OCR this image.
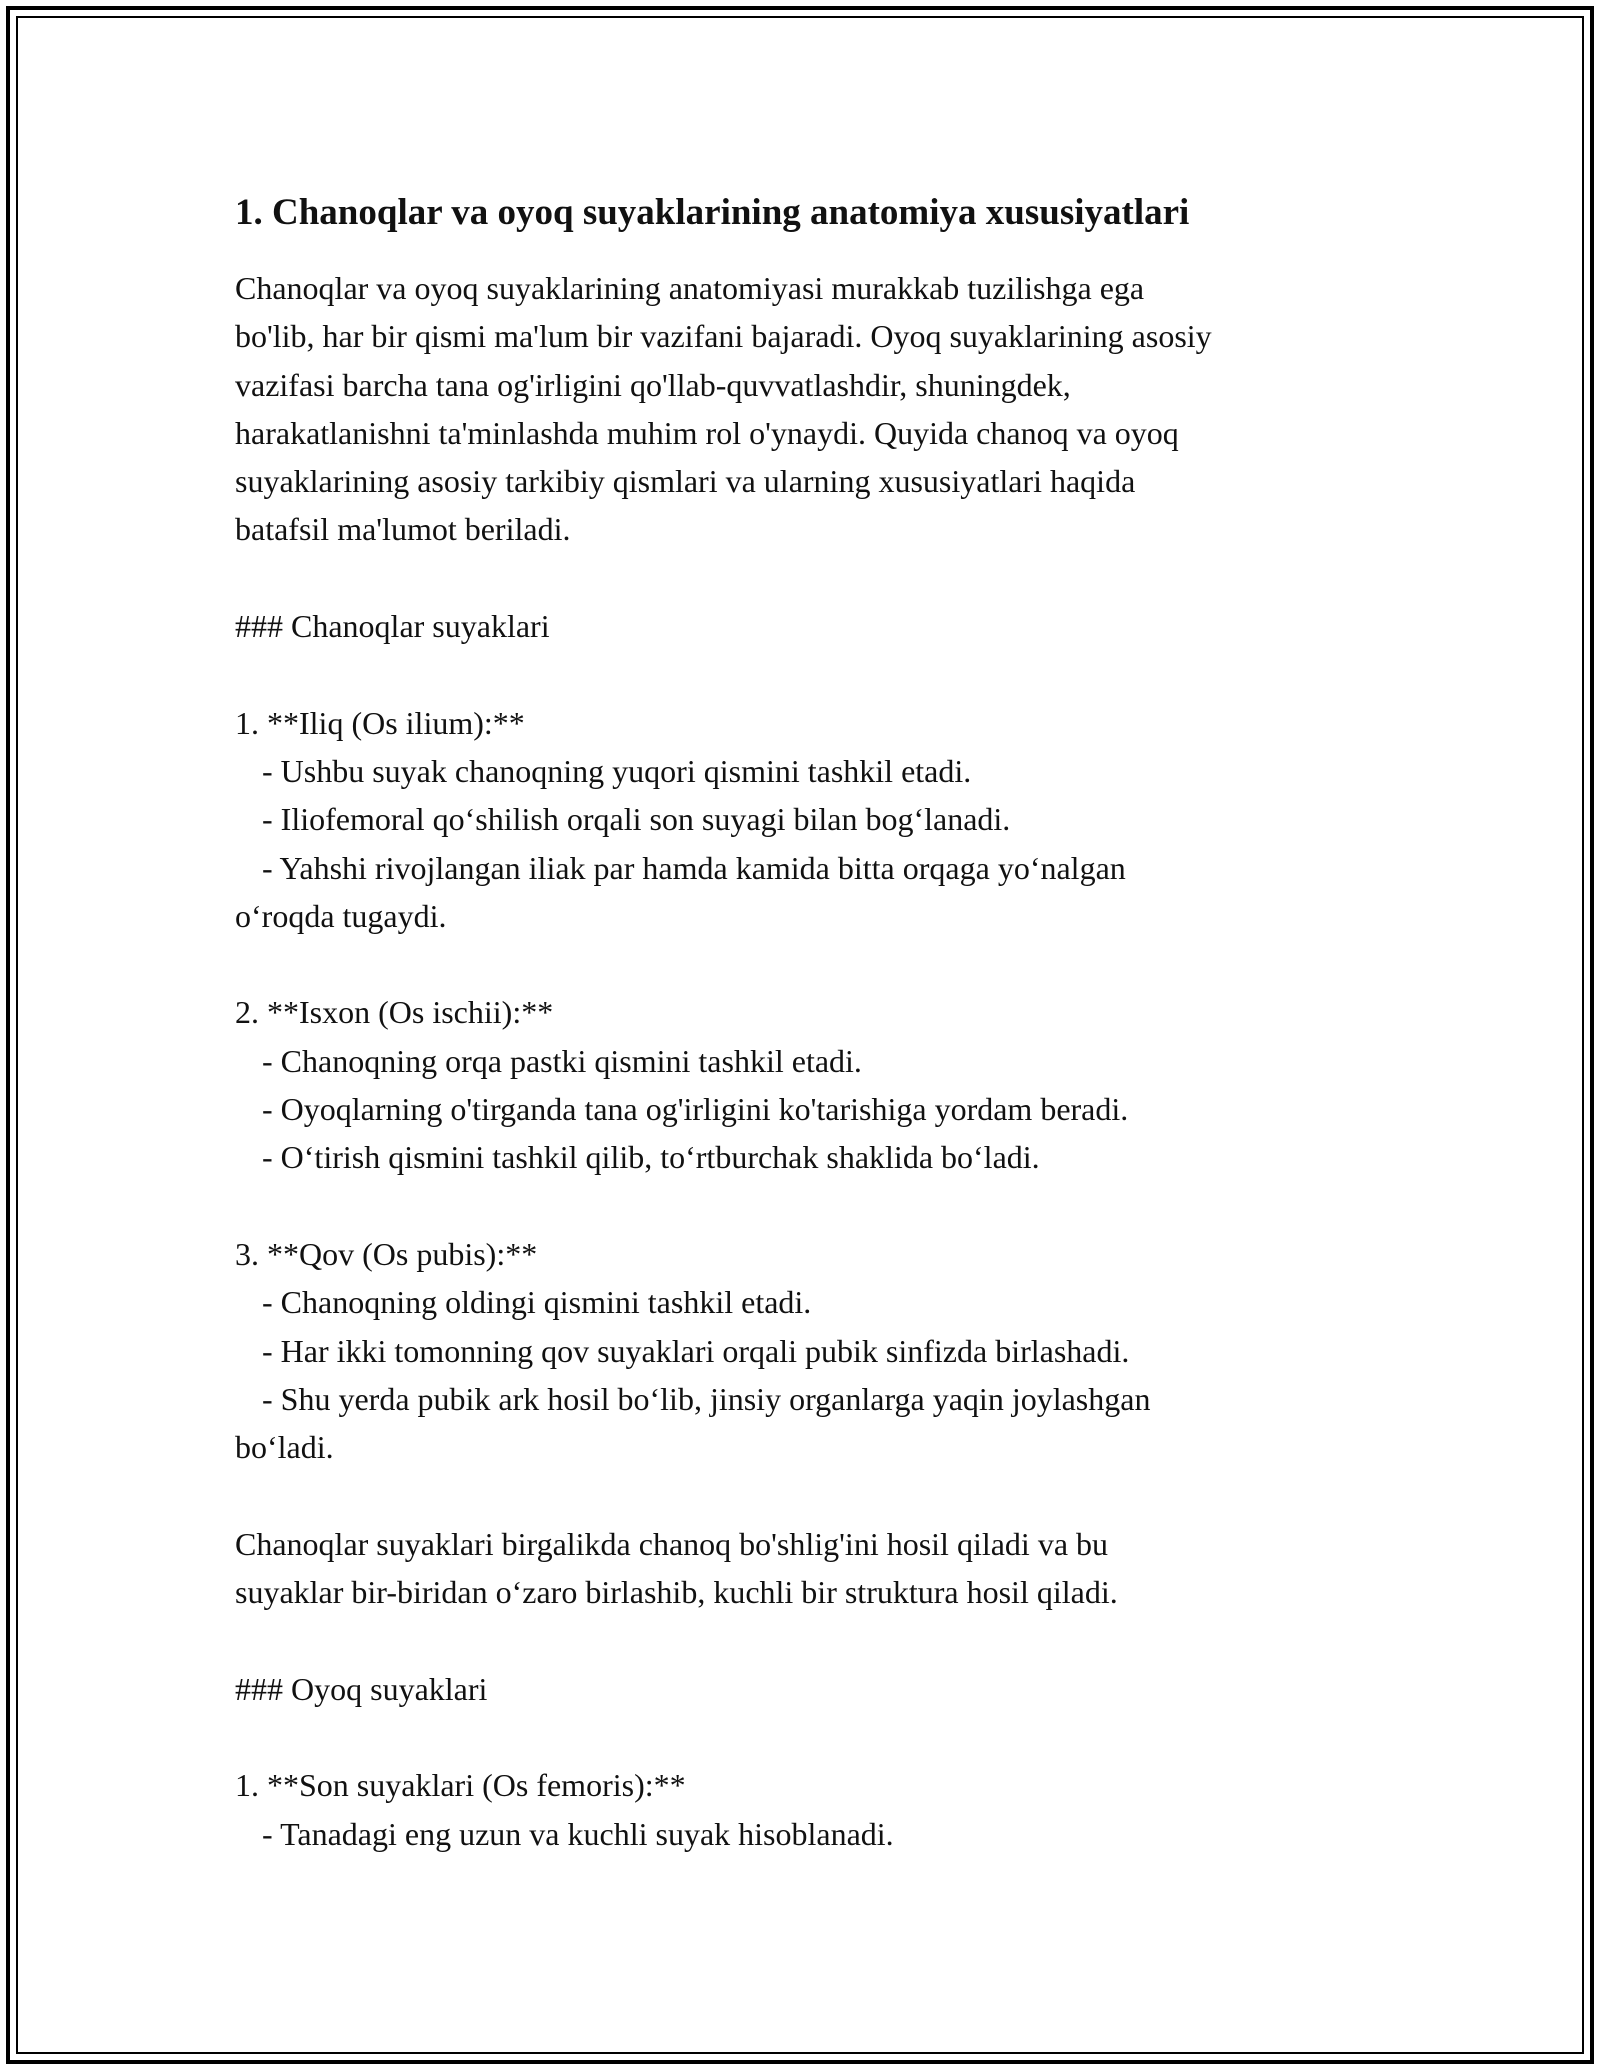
1. Chanoqlar va oyoq suyaklarining anatomiya xususiyatlari
Chanoqlar va oyoq suyaklarining anatomiyasi murakkab tuzilishga ega
bo'lib, har bir qismi ma'lum bir vazifani bajaradi. Oyoq suyaklarining asosiy
vazifasi barcha tana og'irligini qo'llab-quvvatlashdir, shuningdek,
harakatlanishni ta'minlashda muhim rol o'ynaydi. Quyida chanoq va oyoq
suyaklarining asosiy tarkibiy qismlari va ularning xususiyatlari haqida
batafsil ma'lumot beriladi.
### Chanoqlar suyaklari
1. **Iliq (Os ilium):**
- Ushbu suyak chanoqning yuqori qismini tashkil etadi.
- Iliofemoral qo‘shilish orqali son suyagi bilan bog‘lanadi.
- Yahshi rivojlangan iliak par hamda kamida bitta orqaga yo‘nalgan
o‘roqda tugaydi.
2. **Isxon (Os ischii):**
- Chanoqning orqa pastki qismini tashkil etadi.
- Oyoqlarning o'tirganda tana og'irligini ko'tarishiga yordam beradi.
- O‘tirish qismini tashkil qilib, to‘rtburchak shaklida bo‘ladi.
3. **Qov (Os pubis):**
- Chanoqning oldingi qismini tashkil etadi.
- Har ikki tomonning qov suyaklari orqali pubik sinfizda birlashadi.
- Shu yerda pubik ark hosil bo‘lib, jinsiy organlarga yaqin joylashgan
bo‘ladi.
Chanoqlar suyaklari birgalikda chanoq bo'shlig'ini hosil qiladi va bu
suyaklar bir-biridan o‘zaro birlashib, kuchli bir struktura hosil qiladi.
### Oyoq suyaklari
1. **Son suyaklari (Os femoris):**
- Tanadagi eng uzun va kuchli suyak hisoblanadi.
